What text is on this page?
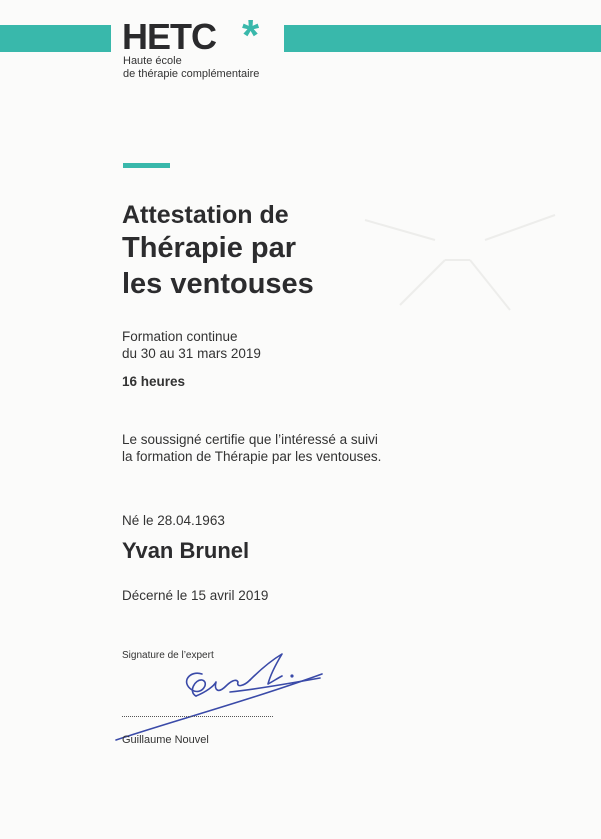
HETC *
Haute école
de thérapie complémentaire
Attestation de
Thérapie par
les ventouses
Formation continue
du 30 au 31 mars 2019
16 heures
Le soussigné certifie que l’intéressé a suivi
la formation de Thérapie par les ventouses.
Né le 28.04.1963
Yvan Brunel
Décerné le 15 avril 2019
Signature de l’expert
Guillaume Nouvel
